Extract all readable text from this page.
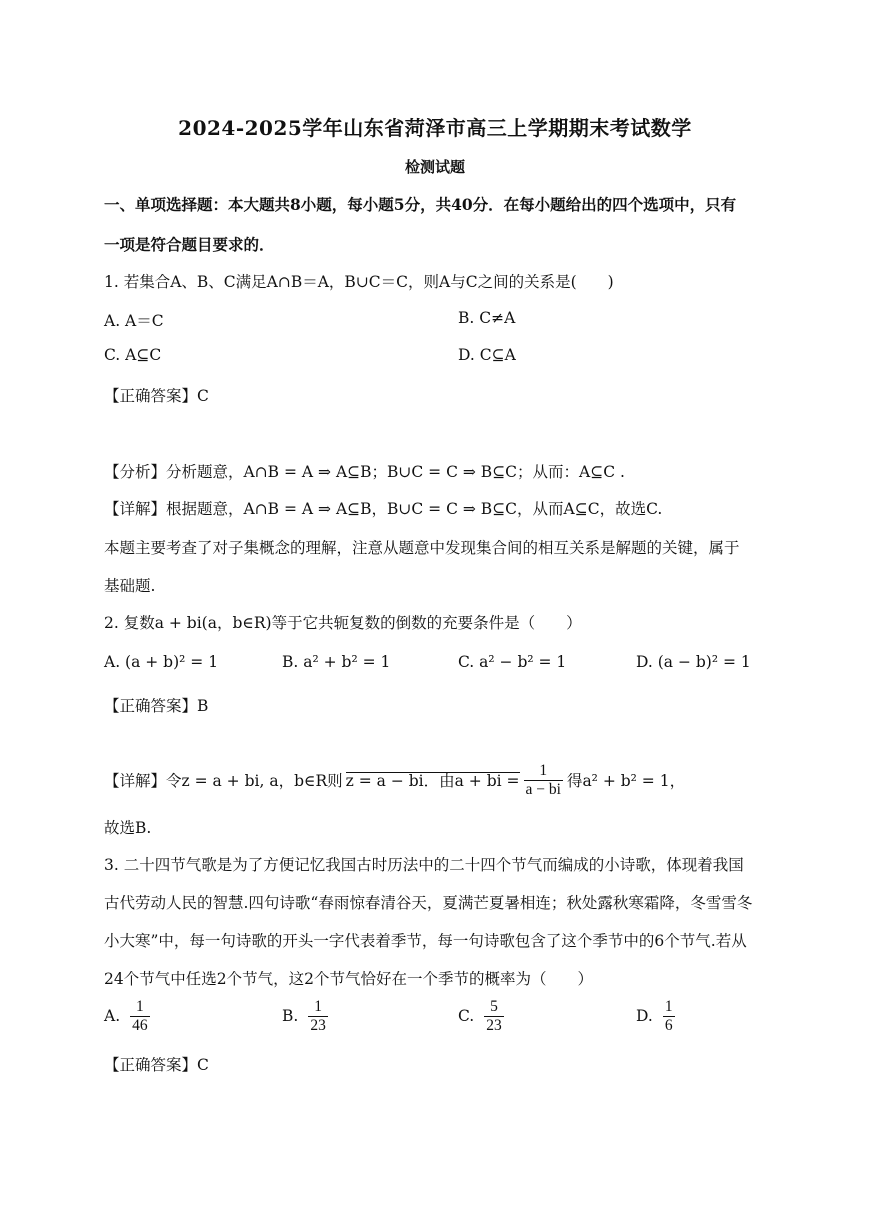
2024-2025学年山东省菏泽市高三上学期期末考试数学
检测试题
一、单项选择题：本大题共8小题，每小题5分，共40分．在每小题给出的四个选项中，只有
一项是符合题目要求的．
1. 若集合A、B、C满足A∩B＝A，B∪C＝C，则A与C之间的关系是(　　)
A. A＝C	B. C≠A
C. A⊆C	D. C⊆A
【正确答案】C
【分析】分析题意，A∩B = A ⇒ A⊆B；B∪C = C ⇒ B⊆C；从而：A⊆C .
【详解】根据题意，A∩B = A ⇒ A⊆B，B∪C = C ⇒ B⊆C，从而A⊆C，故选C.
本题主要考查了对子集概念的理解，注意从题意中发现集合间的相互关系是解题的关键，属于
基础题.
2. 复数a + bi(a，b∈R)等于它共轭复数的倒数的充要条件是（　　）
A. (a + b)² = 1	B. a² + b² = 1	C. a² − b² = 1	D. (a − b)² = 1
【正确答案】B
【详解】令z = a + bi, a，b∈R则 z = a − bi．由a + bi = $\frac{1}{a - bi}$ 得a² + b² = 1，
故选B.
3. 二十四节气歌是为了方便记忆我国古时历法中的二十四个节气而编成的小诗歌，体现着我国
古代劳动人民的智慧.四句诗歌“春雨惊春清谷天，夏满芒夏暑相连；秋处露秋寒霜降，冬雪雪冬
小大寒”中，每一句诗歌的开头一字代表着季节，每一句诗歌包含了这个季节中的6个节气.若从
24个节气中任选2个节气，这2个节气恰好在一个季节的概率为（　　）
A. $\frac{1}{46}$	B. $\frac{1}{23}$	C. $\frac{5}{23}$	D. $\frac{1}{6}$
【正确答案】C
